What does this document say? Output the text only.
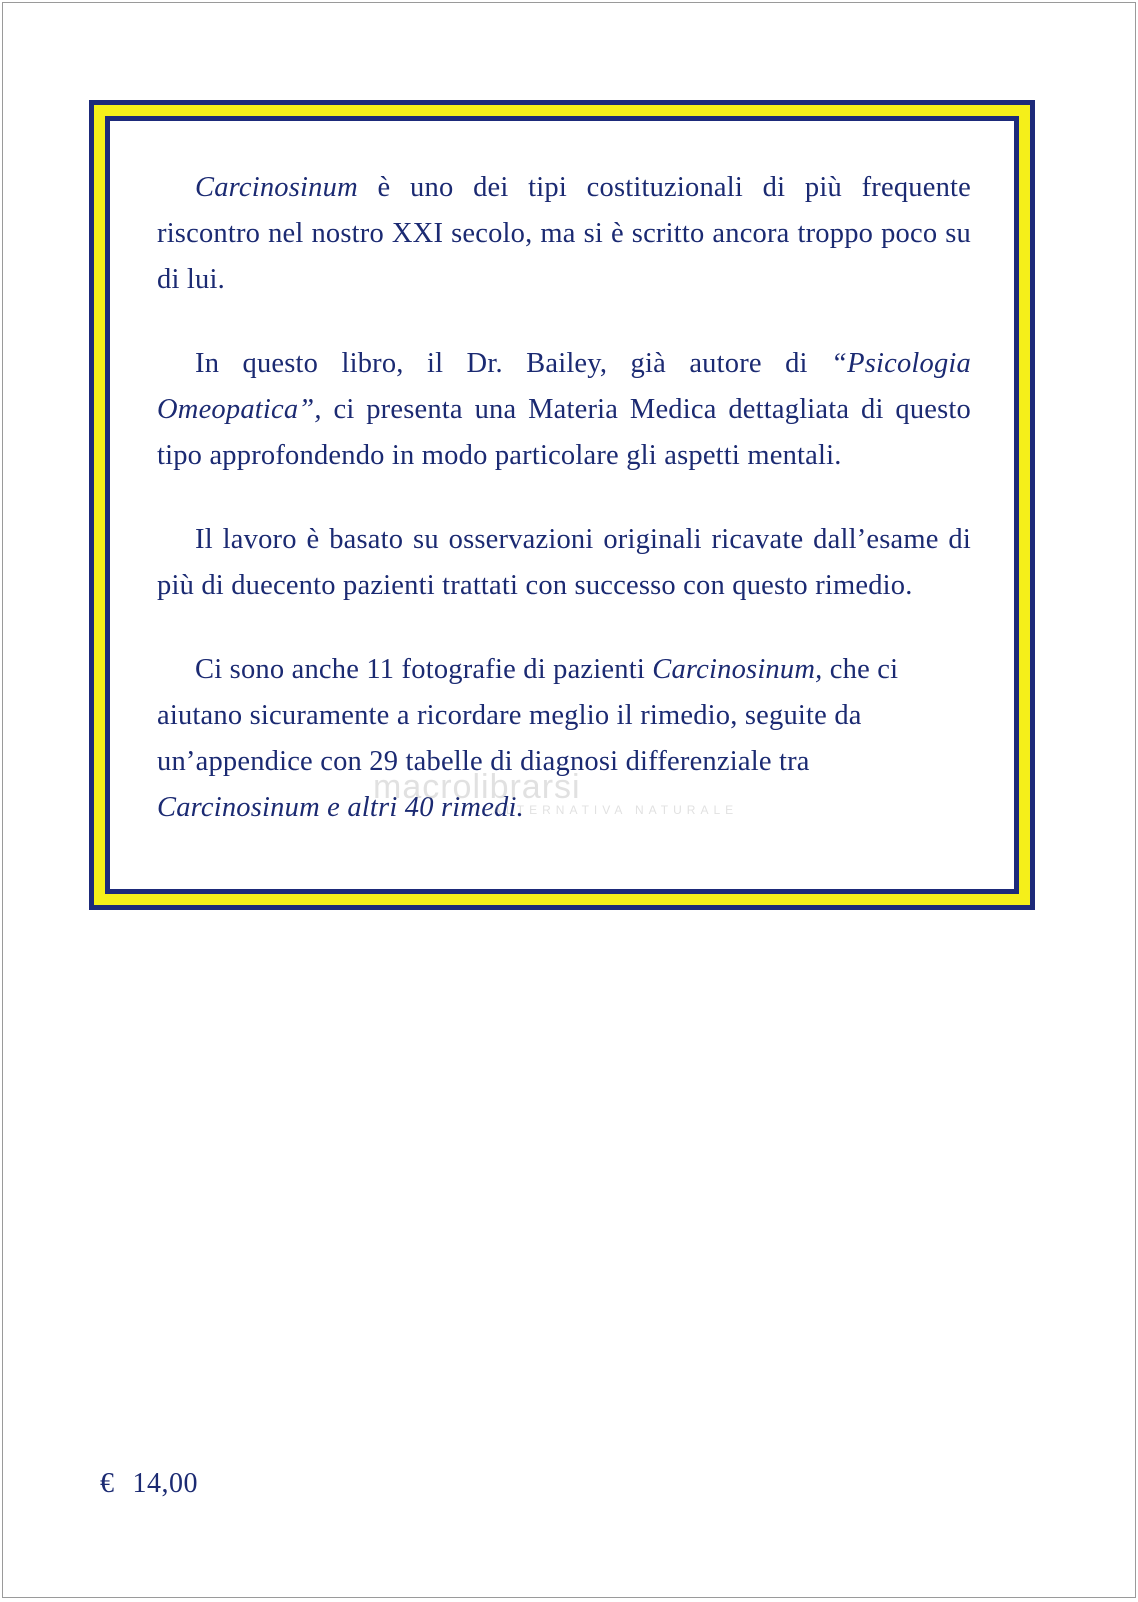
Carcinosinum è uno dei tipi costituzionali di più frequente riscontro nel nostro XXI secolo, ma si è scritto ancora troppo poco su di lui.

In questo libro, il Dr. Bailey, già autore di “Psicologia Omeopatica”, ci presenta una Materia Medica dettagliata di questo tipo approfondendo in modo particolare gli aspetti mentali.

Il lavoro è basato su osservazioni originali ricavate dall’esame di più di duecento pazienti trattati con successo con questo rimedio.

Ci sono anche 11 fotografie di pazienti Carcinosinum, che ci aiutano sicuramente a ricordare meglio il rimedio, seguite da un’appendice con 29 tabelle di diagnosi differenziale tra Carcinosinum e altri 40 rimedi.

macrolibrarsi
ALTERNATIVA NATURALE
€ 14,00
